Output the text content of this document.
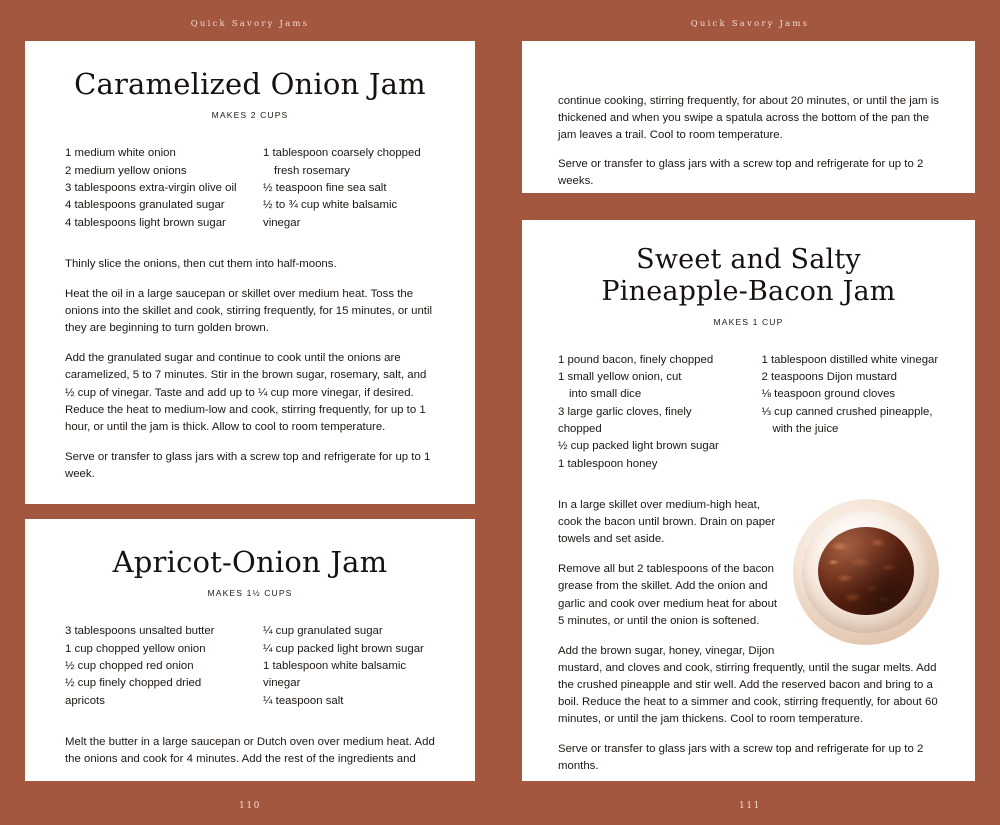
Quick Savory Jams
Caramelized Onion Jam

MAKES 2 CUPS

1 medium white onion

2 medium yellow onions

3 tablespoons extra-virgin olive oil

4 tablespoons granulated sugar

4 tablespoons light brown sugar

1 tablespoon coarsely chopped

fresh rosemary

½ teaspoon fine sea salt

½ to ¾ cup white balsamic vinegar

Thinly slice the onions, then cut them into half-moons.

Heat the oil in a large saucepan or skillet over medium heat. Toss the onions into the skillet and cook, stirring frequently, for 15 minutes, or until they are beginning to turn golden brown.

Add the granulated sugar and continue to cook until the onions are caramelized, 5 to 7 minutes. Stir in the brown sugar, rosemary, salt, and ½ cup of vinegar. Taste and add up to ¼ cup more vinegar, if desired. Reduce the heat to medium-low and cook, stirring frequently, for up to 1 hour, or until the jam is thick. Allow to cool to room temperature.

Serve or transfer to glass jars with a screw top and refrigerate for up to 1 week.

Apricot-Onion Jam

MAKES 1½ CUPS

3 tablespoons unsalted butter

1 cup chopped yellow onion

½ cup chopped red onion

½ cup finely chopped dried apricots

¼ cup granulated sugar

¼ cup packed light brown sugar

1 tablespoon white balsamic vinegar

¼ teaspoon salt

Melt the butter in a large saucepan or Dutch oven over medium heat. Add the onions and cook for 4 minutes. Add the rest of the ingredients and

110
Quick Savory Jams

continue cooking, stirring frequently, for about 20 minutes, or until the jam is thickened and when you swipe a spatula across the bottom of the pan the jam leaves a trail. Cool to room temperature.

Serve or transfer to glass jars with a screw top and refrigerate for up to 2 weeks.

Sweet and Salty
Pineapple-Bacon Jam

MAKES 1 CUP

1 pound bacon, finely chopped

1 small yellow onion, cut

into small dice

3 large garlic cloves, finely chopped

½ cup packed light brown sugar

1 tablespoon honey

1 tablespoon distilled white vinegar

2 teaspoons Dijon mustard

⅛ teaspoon ground cloves

⅓ cup canned crushed pineapple,

with the juice

In a large skillet over medium-high heat, cook the bacon until brown. Drain on paper towels and set aside.

Remove all but 2 tablespoons of the bacon grease from the skillet. Add the onion and garlic and cook over medium heat for about 5 minutes, or until the onion is softened.

Add the brown sugar, honey, vinegar, Dijon mustard, and cloves and cook, stirring frequently, until the sugar melts. Add the crushed pineapple and stir well. Add the reserved bacon and bring to a boil. Reduce the heat to a simmer and cook, stirring frequently, for about 60 minutes, or until the jam thickens. Cool to room temperature.

Serve or transfer to glass jars with a screw top and refrigerate for up to 2 months.

111
